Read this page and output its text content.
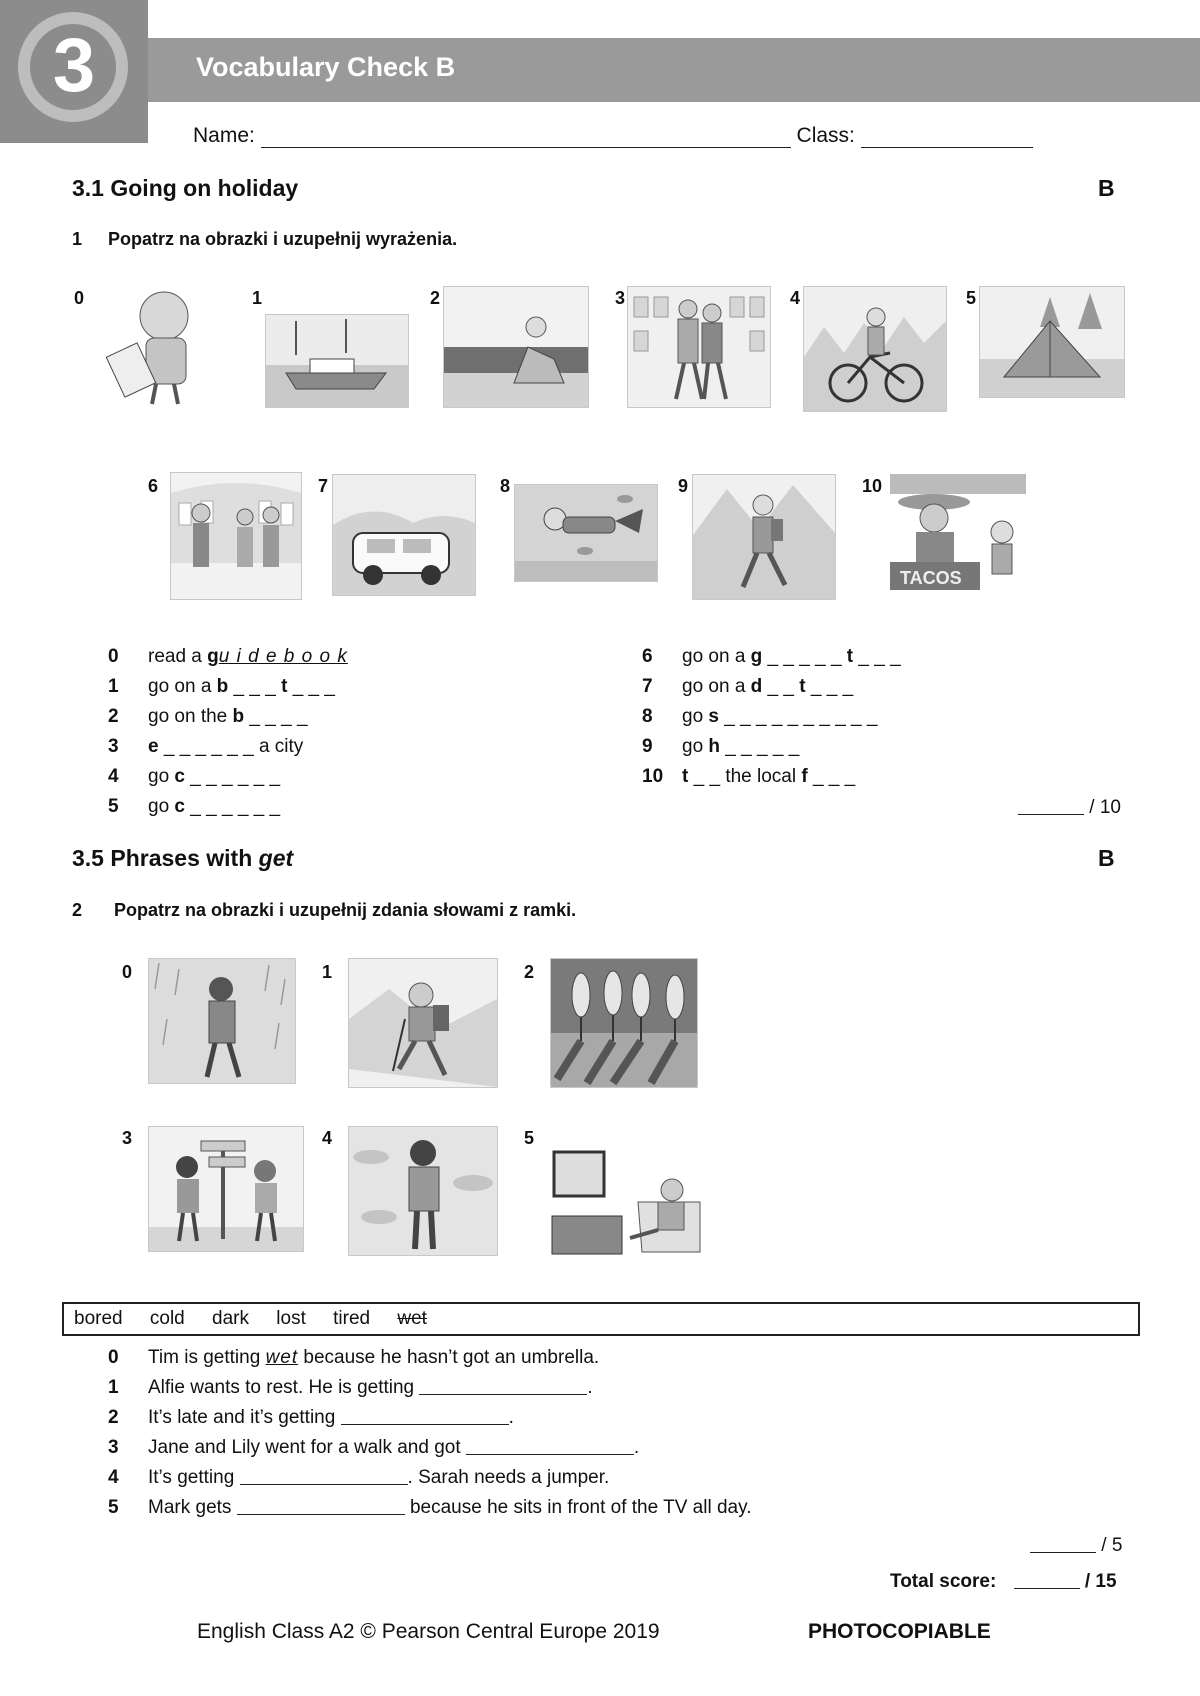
3	Vocabulary Check B
Name:	Class:
3.1 Going on holiday	B
1 Popatrz na obrazki i uzupełnij wyrażenia.
0	1	2	3	4	5
6	7	8	9	10
TACOS
0 read a gu i d e b o o k
1 go on a b _ _ _ t _ _ _
2 go on the b _ _ _ _
3 e _ _ _ _ _ _ a city
4 go c _ _ _ _ _ _
5 go c _ _ _ _ _ _
6 go on a g _ _ _ _ _ t _ _ _
7 go on a d _ _ t _ _ _
8 go s _ _ _ _ _ _ _ _ _ _
9 go h _ _ _ _ _
10 t _ _ the local f _ _ _
/ 10
3.5 Phrases with get	B
2 Popatrz na obrazki i uzupełnij zdania słowami z ramki.
0	1	2
3	4	5
bored cold dark lost tired wet
0 Tim is getting wet because he hasn’t got an umbrella.
1 Alfie wants to rest. He is getting	.
2 It’s late and it’s getting	.
3 Jane and Lily went for a walk and got	.
4 It’s getting	. Sarah needs a jumper.
5 Mark gets	because he sits in front of the TV all day.
/ 5
Total score:	/ 15
English Class A2 © Pearson Central Europe 2019	PHOTOCOPIABLE
